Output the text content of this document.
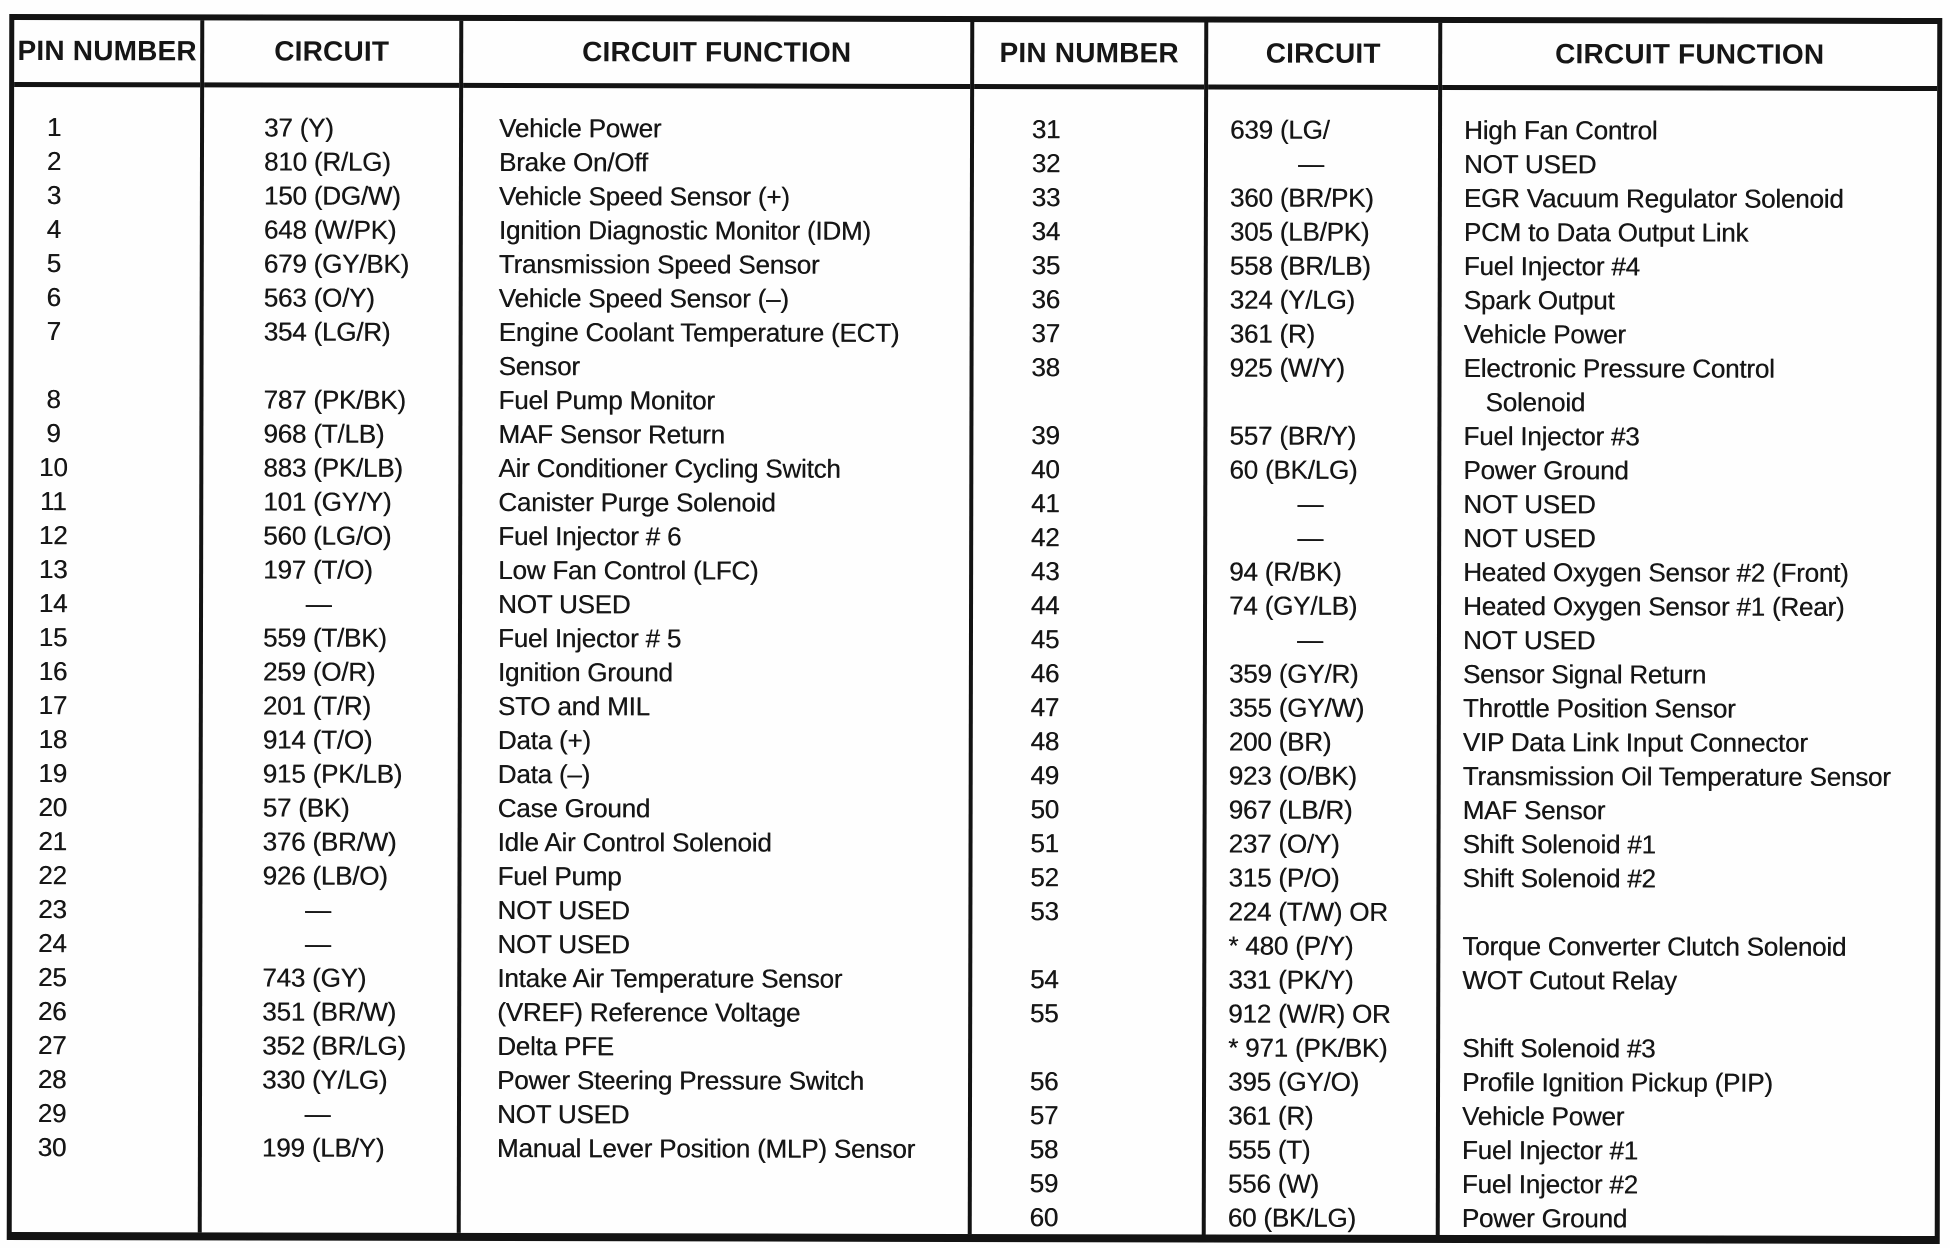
PIN NUMBER
1
2
3
4
5
6
7
8
9
10
11
12
13
14
15
16
17
18
19
20
21
22
23
24
25
26
27
28
29
30
CIRCUIT
37 (Y)
810 (R/LG)
150 (DG/W)
648 (W/PK)
679 (GY/BK)
563 (O/Y)
354 (LG/R)
787 (PK/BK)
968 (T/LB)
883 (PK/LB)
101 (GY/Y)
560 (LG/O)
197 (T/O)
—
559 (T/BK)
259 (O/R)
201 (T/R)
914 (T/O)
915 (PK/LB)
57 (BK)
376 (BR/W)
926 (LB/O)
—
—
743 (GY)
351 (BR/W)
352 (BR/LG)
330 (Y/LG)
—
199 (LB/Y)
CIRCUIT FUNCTION
Vehicle Power
Brake On/Off
Vehicle Speed Sensor (+)
Ignition Diagnostic Monitor (IDM)
Transmission Speed Sensor
Vehicle Speed Sensor (–)
Engine Coolant Temperature (ECT)
Sensor
Fuel Pump Monitor
MAF Sensor Return
Air Conditioner Cycling Switch
Canister Purge Solenoid
Fuel Injector # 6
Low Fan Control (LFC)
NOT USED
Fuel Injector # 5
Ignition Ground
STO and MIL
Data (+)
Data (–)
Case Ground
Idle Air Control Solenoid
Fuel Pump
NOT USED
NOT USED
Intake Air Temperature Sensor
(VREF) Reference Voltage
Delta PFE
Power Steering Pressure Switch
NOT USED
Manual Lever Position (MLP) Sensor
PIN NUMBER
31
32
33
34
35
36
37
38
39
40
41
42
43
44
45
46
47
48
49
50
51
52
53
54
55
56
57
58
59
60
CIRCUIT
639 (LG/
—
360 (BR/PK)
305 (LB/PK)
558 (BR/LB)
324 (Y/LG)
361 (R)
925 (W/Y)
557 (BR/Y)
60 (BK/LG)
—
—
94 (R/BK)
74 (GY/LB)
—
359 (GY/R)
355 (GY/W)
200 (BR)
923 (O/BK)
967 (LB/R)
237 (O/Y)
315 (P/O)
224 (T/W) OR
* 480 (P/Y)
331 (PK/Y)
912 (W/R) OR
* 971 (PK/BK)
395 (GY/O)
361 (R)
555 (T)
556 (W)
60 (BK/LG)
CIRCUIT FUNCTION
High Fan Control
NOT USED
EGR Vacuum Regulator Solenoid
PCM to Data Output Link
Fuel Injector #4
Spark Output
Vehicle Power
Electronic Pressure Control
Solenoid
Fuel Injector #3
Power Ground
NOT USED
NOT USED
Heated Oxygen Sensor #2 (Front)
Heated Oxygen Sensor #1 (Rear)
NOT USED
Sensor Signal Return
Throttle Position Sensor
VIP Data Link Input Connector
Transmission Oil Temperature Sensor
MAF Sensor
Shift Solenoid #1
Shift Solenoid #2
Torque Converter Clutch Solenoid
WOT Cutout Relay
Shift Solenoid #3
Profile Ignition Pickup (PIP)
Vehicle Power
Fuel Injector #1
Fuel Injector #2
Power Ground
